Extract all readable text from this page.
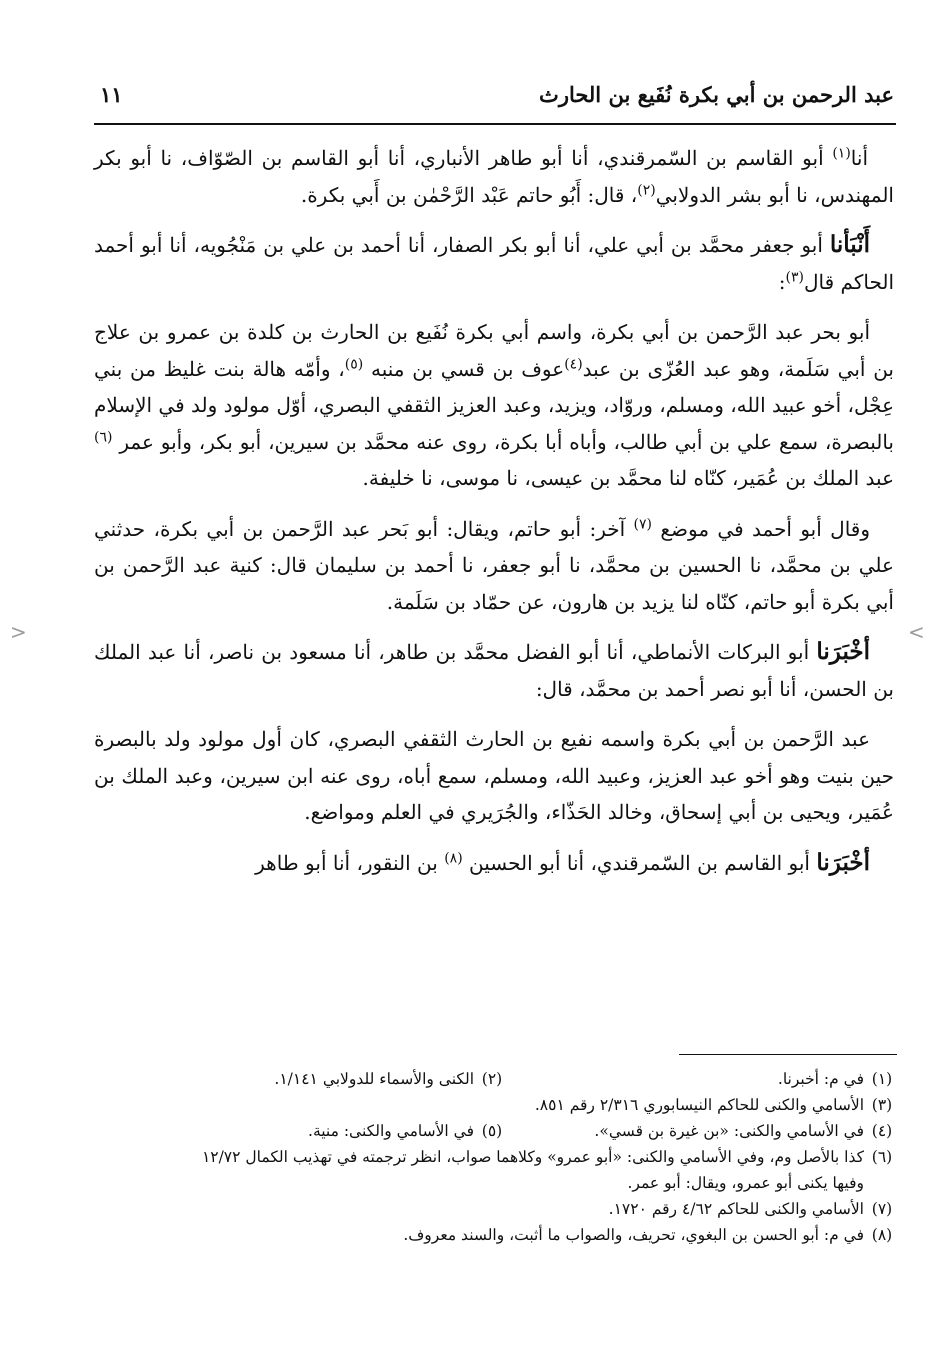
عبد الرحمن بن أبي بكرة نُفَيع بن الحارث
١١

أنا$^{(١)}$ أبو القاسم بن السّمرقندي، أنا أبو طاهر الأنباري، أنا أبو القاسم بن الصّوّاف، نا أبو بكر المهندس، نا أبو بشر الدولابي$^{(٢)}$، قال: أَبُو حاتم عَبْد الرَّحْمٰن بن أَبي بكرة.

أَنْبَأنا أبو جعفر محمَّد بن أبي علي، أنا أبو بكر الصفار، أنا أحمد بن علي بن مَنْجُويه، أنا أبو أحمد الحاكم قال$^{(٣)}$:

أبو بحر عبد الرَّحمن بن أبي بكرة، واسم أبي بكرة نُفَيع بن الحارث بن كلدة بن عمرو بن علاج بن أبي سَلَمة، وهو عبد العُزّى بن عبد$^{(٤)}$عوف بن قسي بن منبه $^{(٥)}$، وأمّه هالة بنت غليظ من بني عِجْل، أخو عبيد الله، ومسلم، وروّاد، ويزيد، وعبد العزيز الثقفي البصري، أوّل مولود ولد في الإسلام بالبصرة، سمع علي بن أبي طالب، وأباه أبا بكرة، روى عنه محمَّد بن سيرين، أبو بكر، وأبو عمر $^{(٦)}$ عبد الملك بن عُمَير، كنّاه لنا محمَّد بن عيسى، نا موسى، نا خليفة.

وقال أبو أحمد في موضع $^{(٧)}$ آخر: أبو حاتم، ويقال: أبو بَحر عبد الرَّحمن بن أبي بكرة، حدثني علي بن محمَّد، نا الحسين بن محمَّد، نا أبو جعفر، نا أحمد بن سليمان قال: كنية عبد الرَّحمن بن أبي بكرة أبو حاتم، كنّاه لنا يزيد بن هارون، عن حمّاد بن سَلَمة.

أخْبَرَنا أبو البركات الأنماطي، أنا أبو الفضل محمَّد بن طاهر، أنا مسعود بن ناصر، أنا عبد الملك بن الحسن، أنا أبو نصر أحمد بن محمَّد، قال:

عبد الرَّحمن بن أبي بكرة واسمه نفيع بن الحارث الثقفي البصري، كان أول مولود ولد بالبصرة حين بنيت وهو أخو عبد العزيز، وعبيد الله، ومسلم، سمع أباه، روى عنه ابن سيرين، وعبد الملك بن عُمَير، ويحيى بن أبي إسحاق، وخالد الحَذّاء، والجُرَيري في العلم ومواضع.

أخْبَرَنا أبو القاسم بن السّمرقندي، أنا أبو الحسين $^{(٨)}$ بن النقور، أنا أبو طاهر

(١)
في م: أخبرنا.
(٢)
الكنى والأسماء للدولابي ١/١٤١.
(٣)
الأسامي والكنى للحاكم النيسابوري ٢/٣١٦ رقم ٨٥١.
(٤)
في الأسامي والكنى: «بن غيرة بن قسي».
(٥)
في الأسامي والكنى: منية.
(٦)
كذا بالأصل وم، وفي الأسامي والكنى: «أبو عمرو» وكلاهما صواب، انظر ترجمته في تهذيب الكمال ١٢/٧٢
وفيها يكنى أبو عمرو، ويقال: أبو عمر.
(٧)
الأسامي والكنى للحاكم ٤/٦٢ رقم ١٧٢٠.
(٨)
في م: أبو الحسن بن البغوي، تحريف، والصواب ما أثبت، والسند معروف.
>	<
